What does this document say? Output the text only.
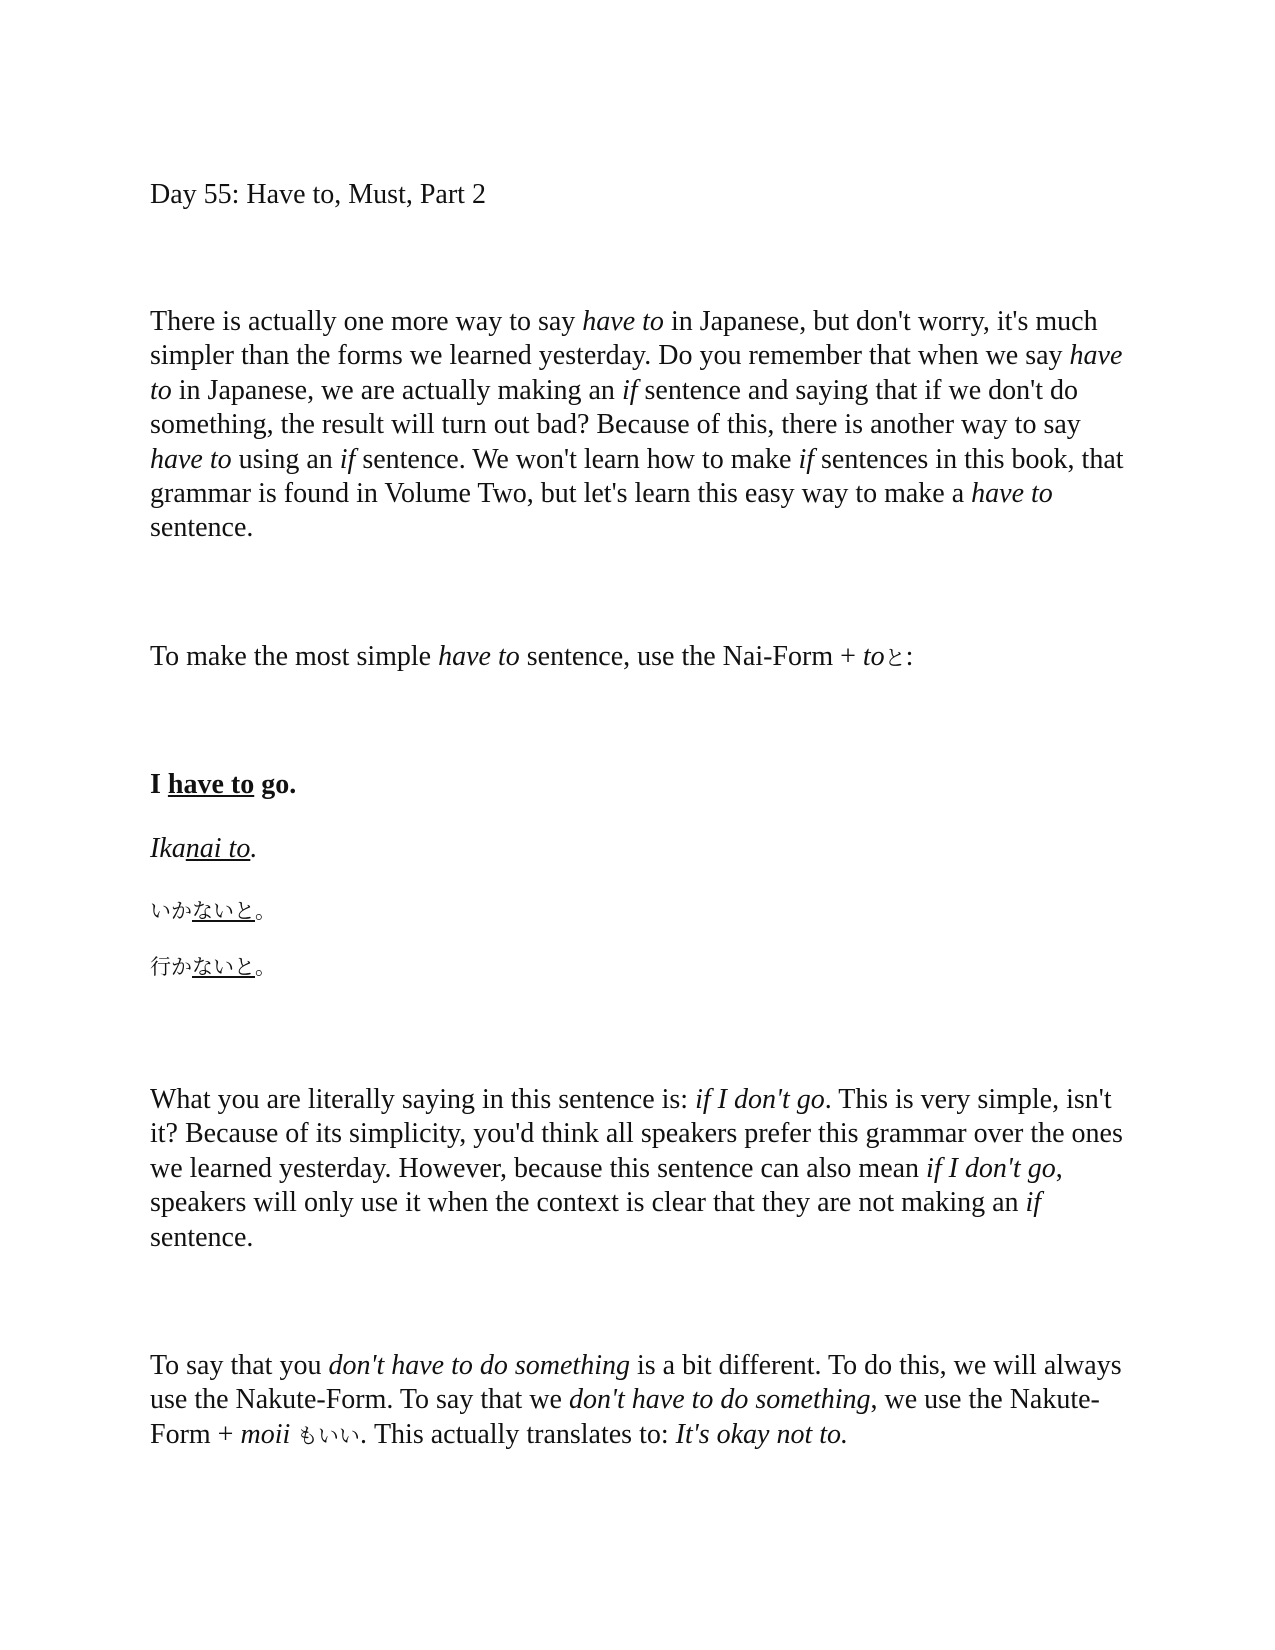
Day 55: Have to, Must, Part 2

There is actually one more way to say have to in Japanese, but don't worry, it's much simpler than the forms we learned yesterday. Do you remember that when we say have to in Japanese, we are actually making an if sentence and saying that if we don't do something, the result will turn out bad? Because of this, there is another way to say have to using an if sentence. We won't learn how to make if sentences in this book, that grammar is found in Volume Two, but let's learn this easy way to make a have to sentence.

To make the most simple have to sentence, use the Nai-Form + toと:

I have to go.

Ikanai to.

いかないと。

行かないと。

What you are literally saying in this sentence is: if I don't go. This is very simple, isn't it? Because of its simplicity, you'd think all speakers prefer this grammar over the ones we learned yesterday. However, because this sentence can also mean if I don't go, speakers will only use it when the context is clear that they are not making an if sentence.

To say that you don't have to do something is a bit different. To do this, we will always use the Nakute-Form. To say that we don't have to do something, we use the Nakute-Form + moii もいい. This actually translates to: It's okay not to.
